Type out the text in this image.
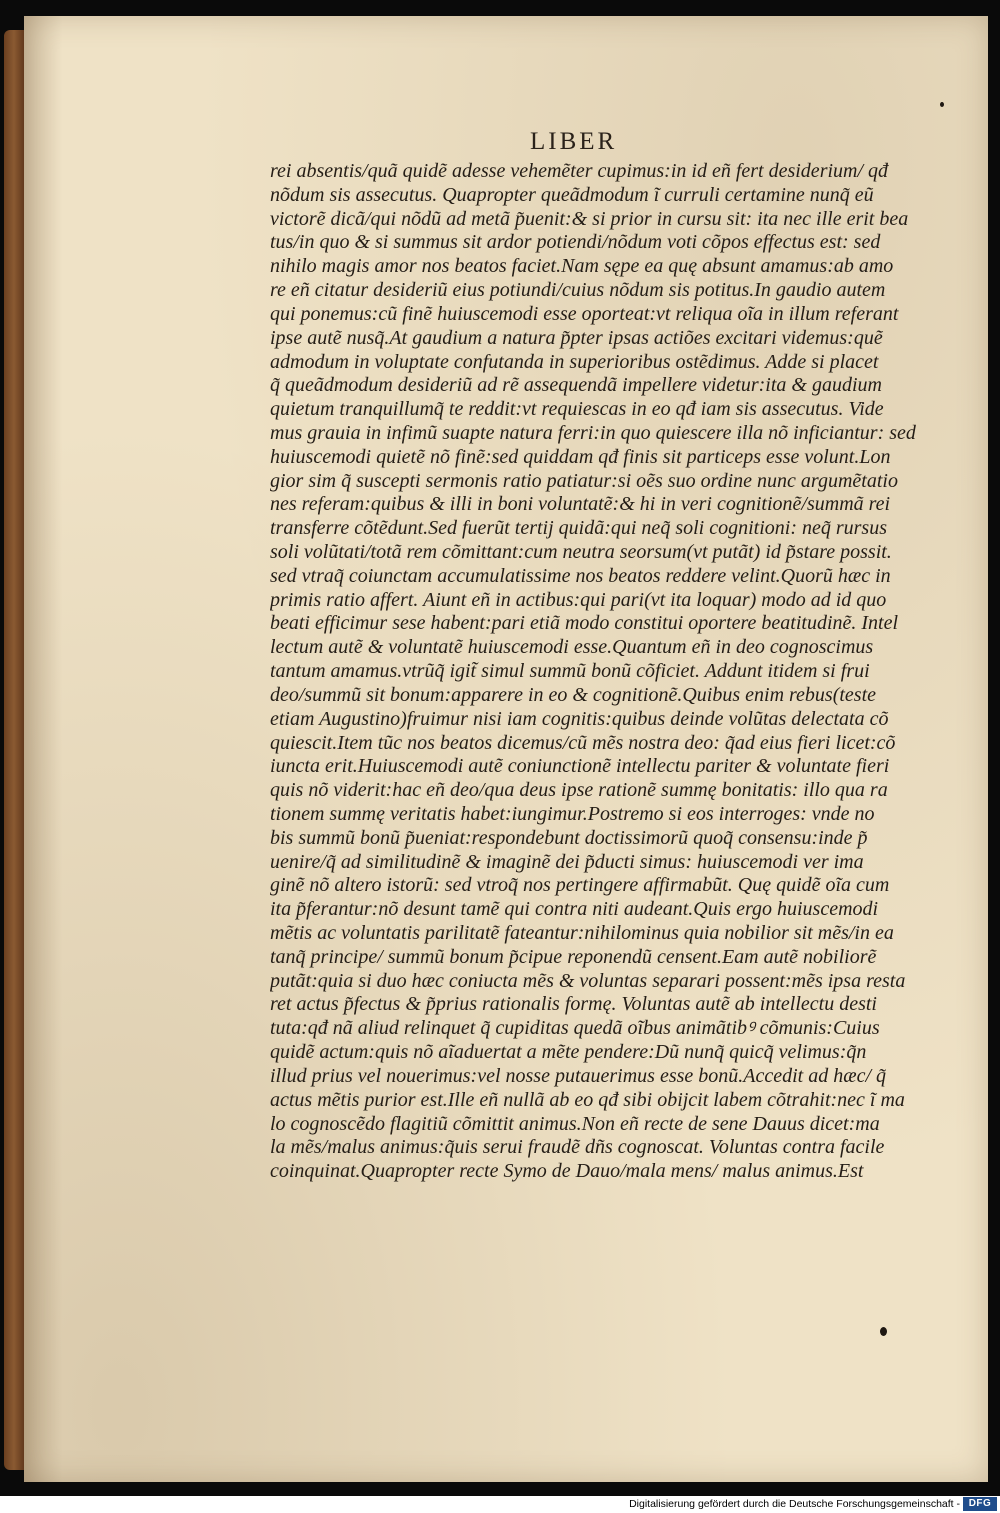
LIBER
rei absentis/quã quidẽ adesse vehemẽter cupimus:in id eñ fert desiderium/ qđ
nõdum sis assecutus. Quapropter queãdmodum ĩ curruli certamine nunq̃ eũ
victorẽ dicã/qui nõdũ ad metã p̃uenit:& si prior in cursu sit: ita nec ille erit bea
tus/in quo & si summus sit ardor potiendi/nõdum voti cõpos effectus est: sed
nihilo magis amor nos beatos faciet.Nam sępe ea quę absunt amamus:ab amo
re eñ citatur desideriũ eius potiundi/cuius nõdum sis potitus.In gaudio autem
qui ponemus:cũ finẽ huiuscemodi esse oporteat:vt reliqua oĩa in illum referant
ipse autẽ nusq̃.At gaudium a natura p̃pter ipsas actiões excitari videmus:quẽ
admodum in voluptate confutanda in superioribus ostẽdimus. Adde si placet
q̃ queãdmodum desideriũ ad rẽ assequendã impellere videtur:ita & gaudium
quietum tranquillumq̃ te reddit:vt requiescas in eo qđ iam sis assecutus. Vide
mus grauia in infimũ suapte natura ferri:in quo quiescere illa nõ inficiantur: sed
huiuscemodi quietẽ nõ finẽ:sed quiddam qđ finis sit particeps esse volunt.Lon
gior sim q̃ suscepti sermonis ratio patiatur:si oẽs suo ordine nunc argumẽtatio
nes referam:quibus & illi in boni voluntatẽ:& hi in veri cognitionẽ/summã rei
transferre cõtẽdunt.Sed fuerũt tertij quidã:qui neq̃ soli cognitioni: neq̃ rursus
soli volũtati/totã rem cõmittant:cum neutra seorsum(vt putãt) id p̃stare possit.
sed vtraq̃ coiunctam accumulatissime nos beatos reddere velint.Quorũ hæc in
primis ratio affert. Aiunt eñ in actibus:qui pari(vt ita loquar) modo ad id quo
beati efficimur sese habent:pari etiã modo constitui oportere beatitudinẽ. Intel
lectum autẽ & voluntatẽ huiuscemodi esse.Quantum eñ in deo cognoscimus
tantum amamus.vtrũq̃ igit̃ simul summũ bonũ cõficiet. Addunt itidem si frui
deo/summũ sit bonum:apparere in eo & cognitionẽ.Quibus enim rebus(teste
etiam Augustino)fruimur nisi iam cognitis:quibus deinde volũtas delectata cõ
quiescit.Item tũc nos beatos dicemus/cũ mẽs nostra deo: q̃ad eius fieri licet:cõ
iuncta erit.Huiuscemodi autẽ coniunctionẽ intellectu pariter & voluntate fieri
quis nõ viderit:hac eñ deo/qua deus ipse rationẽ summę bonitatis: illo qua ra
tionem summę veritatis habet:iungimur.Postremo si eos interroges: vnde no
bis summũ bonũ p̃ueniat:respondebunt doctissimorũ quoq̃ consensu:inde p̃
uenire/q̃ ad similitudinẽ & imaginẽ dei p̃ducti simus: huiuscemodi ver ima
ginẽ nõ altero istorũ: sed vtroq̃ nos pertingere affirmabũt. Quę quidẽ oĩa cum
ita p̃ferantur:nõ desunt tamẽ qui contra niti audeant.Quis ergo huiuscemodi
mẽtis ac voluntatis parilitatẽ fateantur:nihilominus quia nobilior sit mẽs/in ea
tanq̃ principe/ summũ bonum p̃cipue reponendũ censent.Eam autẽ nobiliorẽ
putãt:quia si duo hæc coniucta mẽs & voluntas separari possent:mẽs ipsa resta
ret actus p̃fectus & p̃prius rationalis formę. Voluntas autẽ ab intellectu desti
tuta:qđ nã aliud relinquet q̃ cupiditas quedã oĩbus animãtibꝰ cõmunis:Cuius
quidẽ actum:quis nõ aĩaduertat a mẽte pendere:Dũ nunq̃ quicq̃ velimus:q̃n
illud prius vel nouerimus:vel nosse putauerimus esse bonũ.Accedit ad hæc/ q̃
actus mẽtis purior est.Ille eñ nullã ab eo qđ sibi obijcit labem cõtrahit:nec ĩ ma
lo cognoscẽdo flagitiũ cõmittit animus.Non eñ recte de sene Dauus dicet:ma
la mẽs/malus animus:q̃uis serui fraudẽ dñs cognoscat. Voluntas contra facile
coinquinat.Quapropter recte Symo de Dauo/mala mens/ malus animus.Est
Digitalisierung gefördert durch die Deutsche Forschungsgemeinschaft - DFG
